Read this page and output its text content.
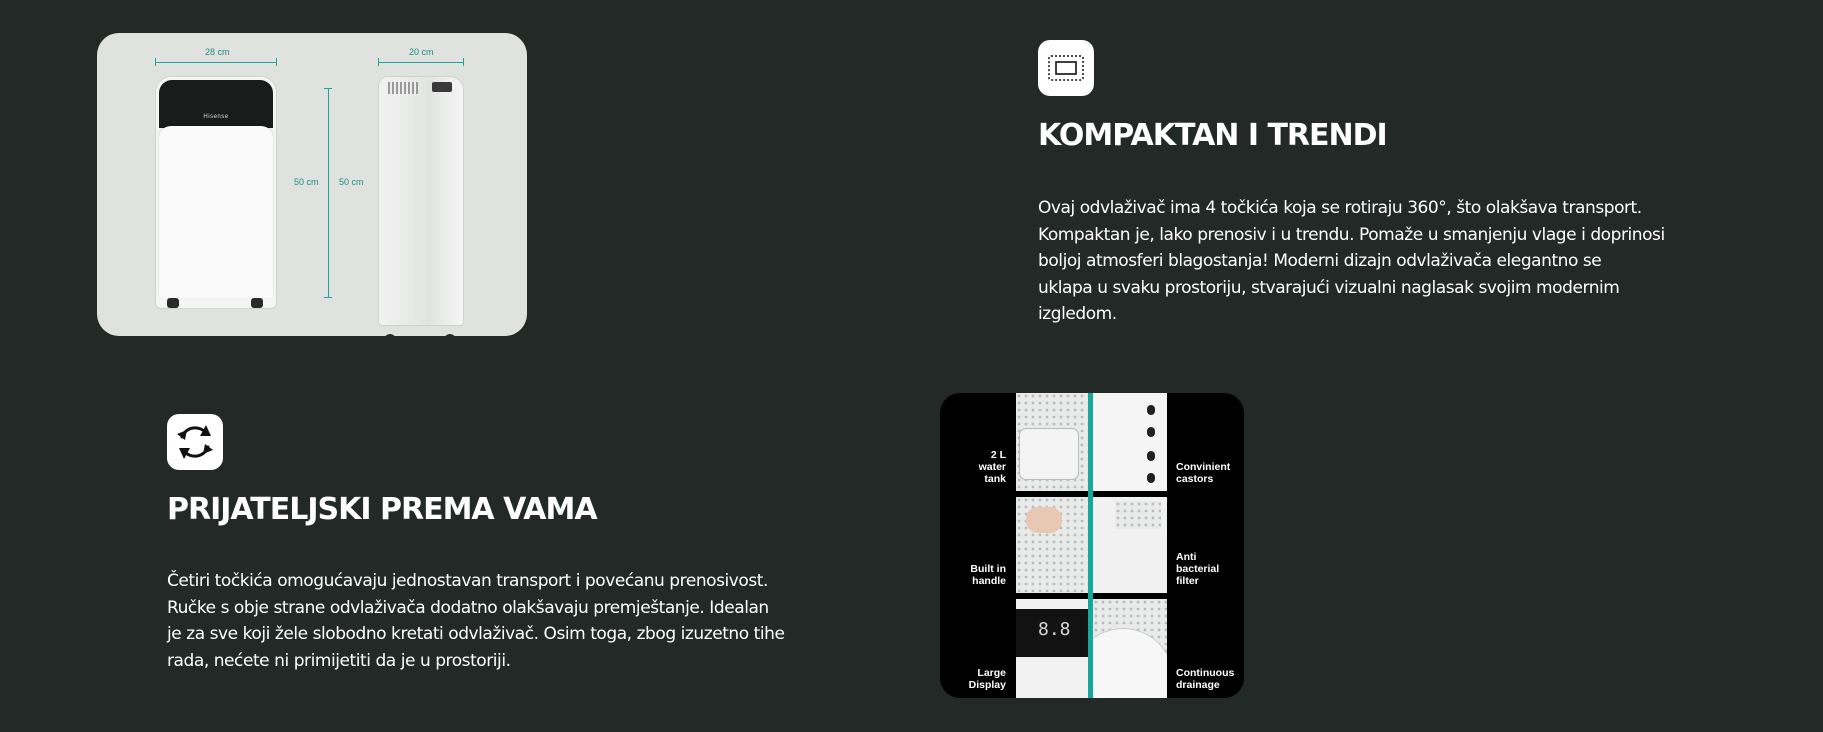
28 cm	20 cm
50 cm 50 cm
Hisense
KOMPAKTAN I TRENDI

Ovaj odvlaživač ima 4 točkića koja se rotiraju 360°, što olakšava transport.

Kompaktan je, lako prenosiv i u trendu. Pomaže u smanjenju vlage i doprinosi

boljoj atmosferi blagostanja! Moderni dizajn odvlaživača elegantno se

uklapa u svaku prostoriju, stvarajući vizualni naglasak svojim modernim

izgledom.

PRIJATELJSKI PREMA VAMA

Četiri točkića omogućavaju jednostavan transport i povećanu prenosivost.

Ručke s obje strane odvlaživača dodatno olakšavaju premještanje. Idealan

je za sve koji žele slobodno kretati odvlaživač. Osim toga, zbog izuzetno tihe

rada, nećete ni primijetiti da je u prostoriji.

8.8
2 L
water
tank
Built in
handle
Large
Display
Convinient
castors
Anti
bacterial
filter
Continuous
drainage
